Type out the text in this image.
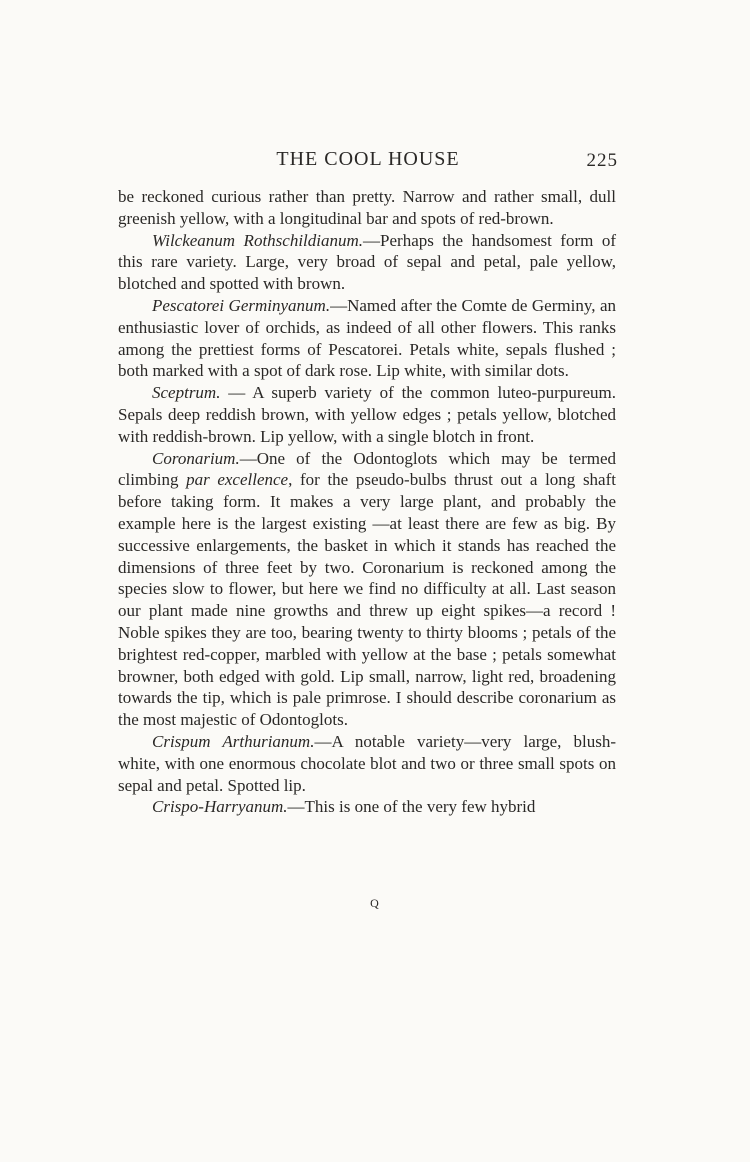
THE COOL HOUSE	225

be reckoned curious rather than pretty. Narrow and rather small, dull greenish yellow, with a longitudinal bar and spots of red-brown.

Wilckeanum Rothschildianum.—Perhaps the handsomest form of this rare variety. Large, very broad of sepal and petal, pale yellow, blotched and spotted with brown.

Pescatorei Germinyanum.—Named after the Comte de Germiny, an enthusiastic lover of orchids, as indeed of all other flowers. This ranks among the prettiest forms of Pescatorei. Petals white, sepals flushed ; both marked with a spot of dark rose. Lip white, with similar dots.

Sceptrum. — A superb variety of the common luteo-purpureum. Sepals deep reddish brown, with yellow edges ; petals yellow, blotched with reddish-brown. Lip yellow, with a single blotch in front.

Coronarium.—One of the Odontoglots which may be termed climbing par excellence, for the pseudo-bulbs thrust out a long shaft before taking form. It makes a very large plant, and probably the example here is the largest existing —at least there are few as big. By successive enlargements, the basket in which it stands has reached the dimensions of three feet by two. Coronarium is reckoned among the species slow to flower, but here we find no difficulty at all. Last season our plant made nine growths and threw up eight spikes—a record ! Noble spikes they are too, bearing twenty to thirty blooms ; petals of the brightest red-copper, marbled with yellow at the base ; petals somewhat browner, both edged with gold. Lip small, narrow, light red, broadening towards the tip, which is pale primrose. I should describe coronarium as the most majestic of Odontoglots.

Crispum Arthurianum.—A notable variety—very large, blush-white, with one enormous chocolate blot and two or three small spots on sepal and petal. Spotted lip.

Crispo-Harryanum.—This is one of the very few hybrid

Q
